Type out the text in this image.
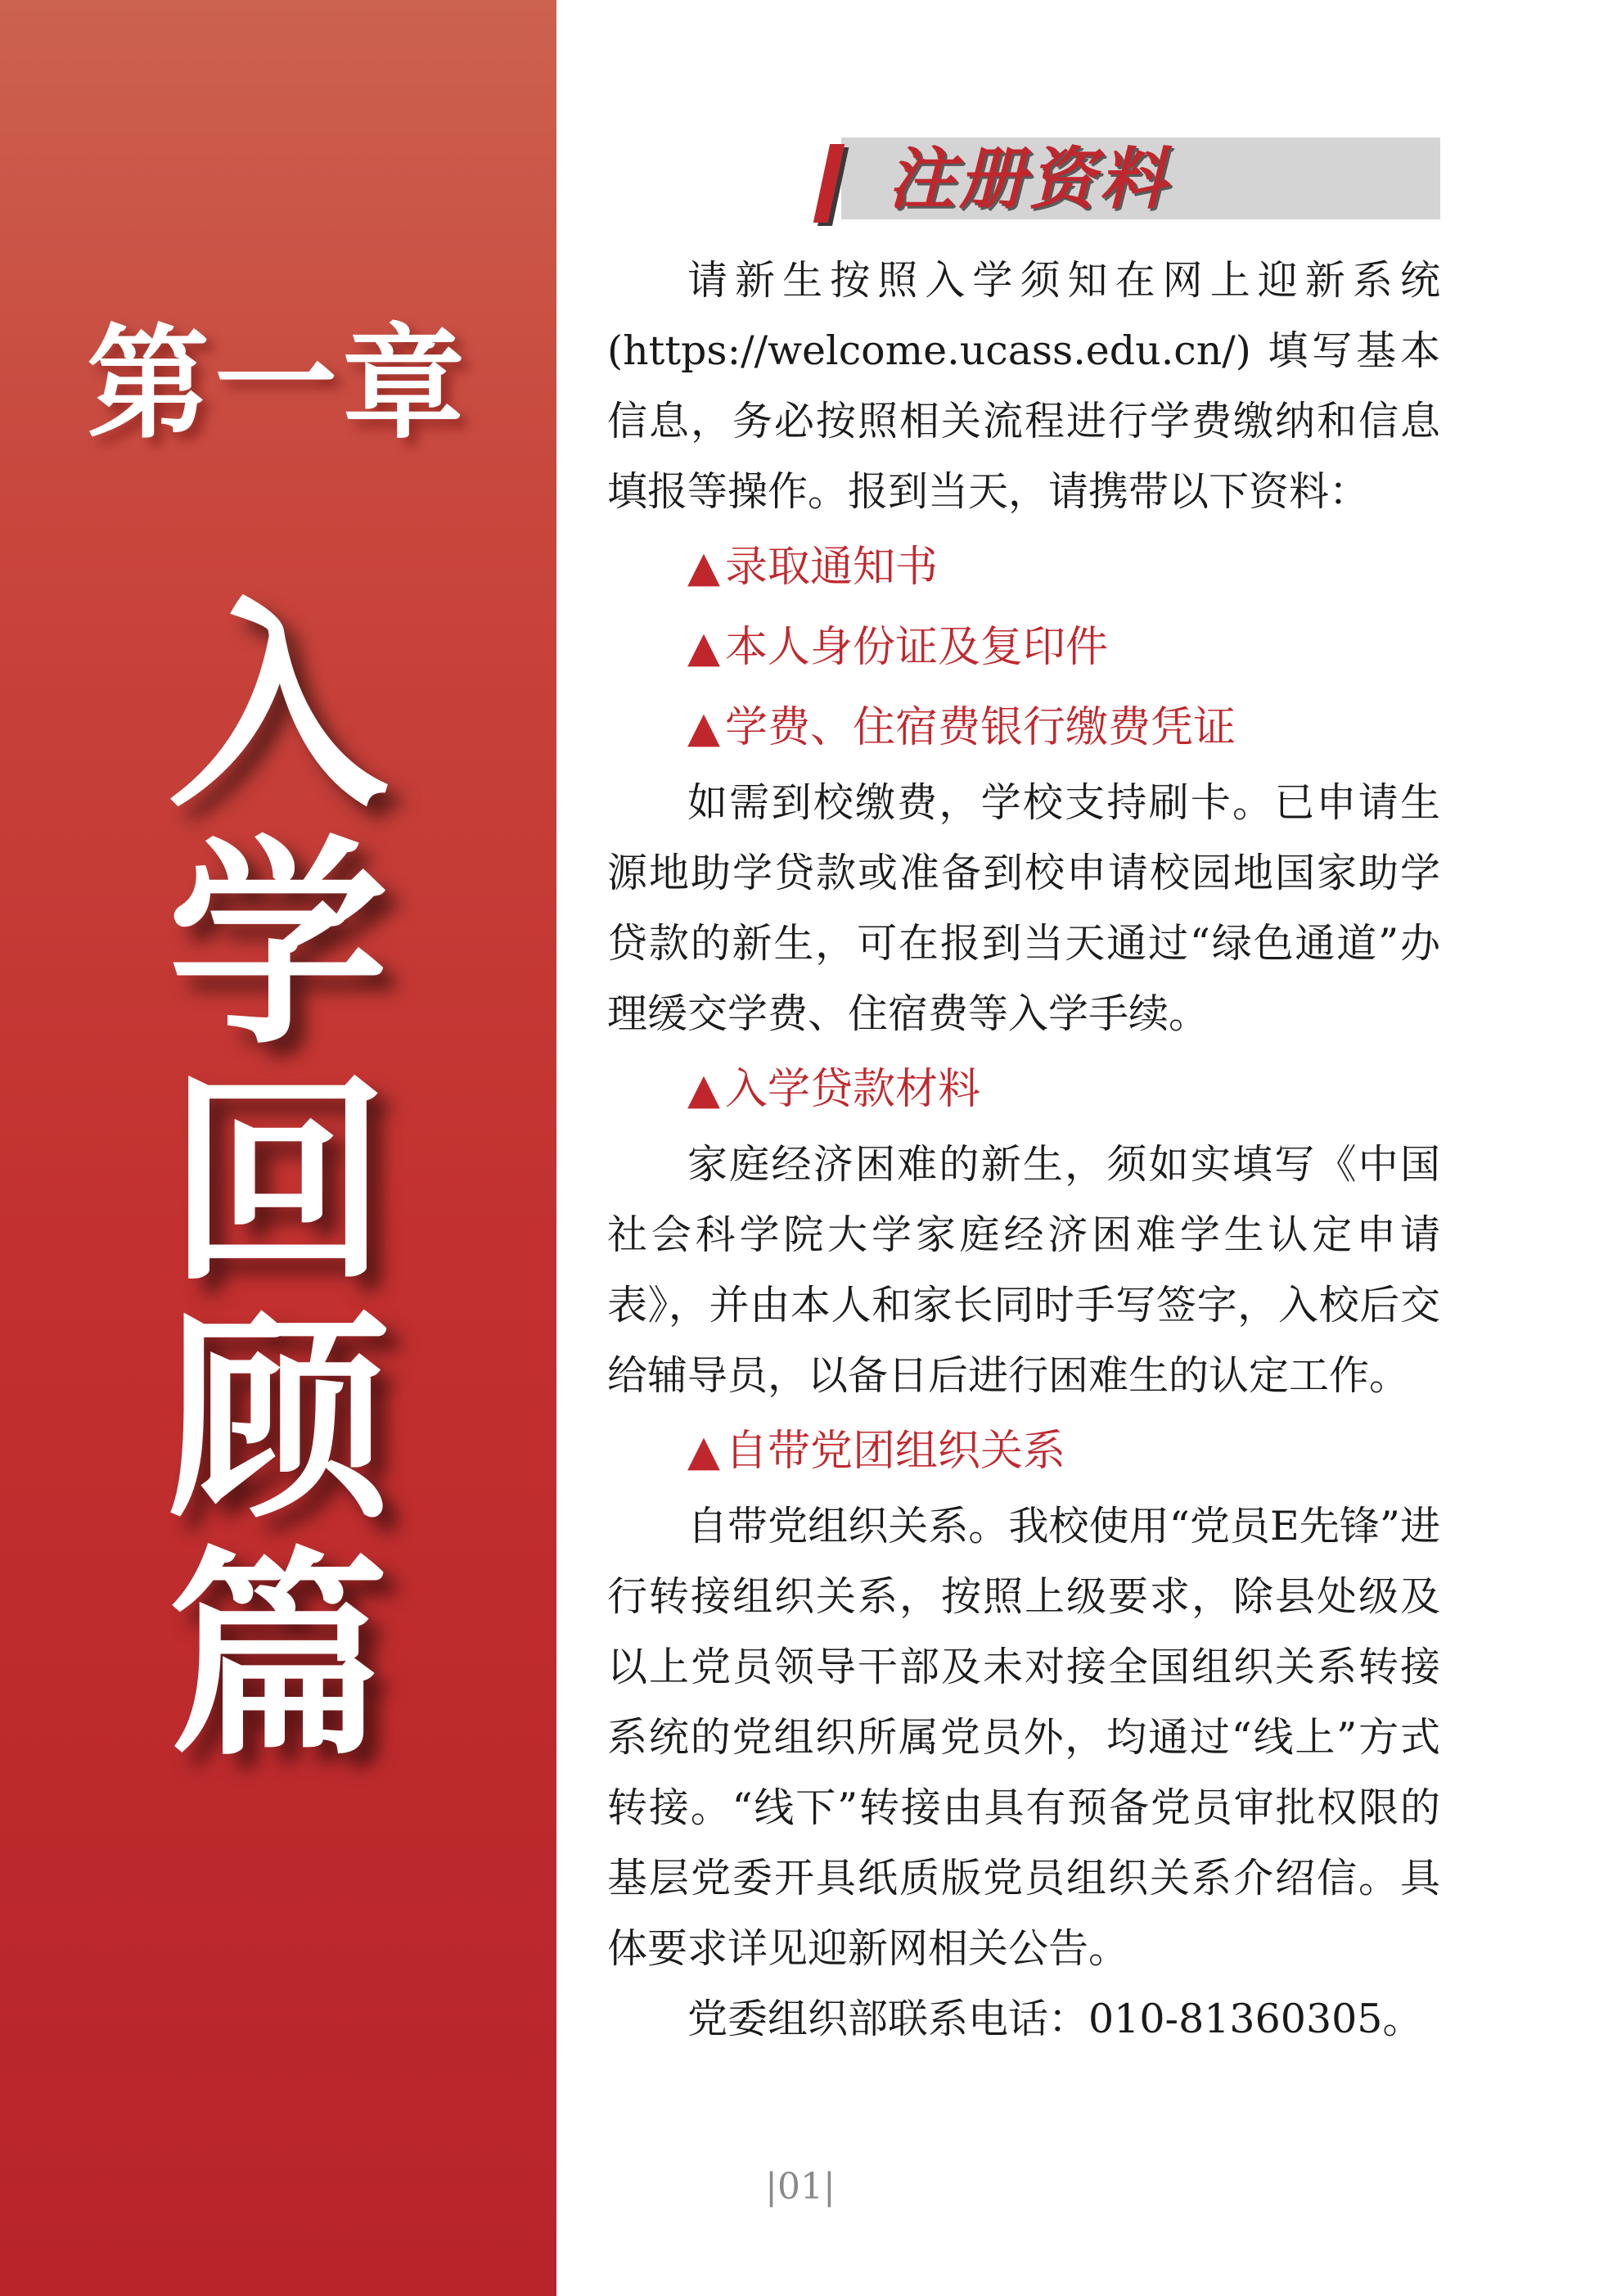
第一章
入
学
回
顾
篇
注册资料

请新生按照入学须知在网上迎新系统(https://welcome.ucass.edu.cn/) 填写基本信息，务必按照相关流程进行学费缴纳和信息填报等操作。报到当天，请携带以下资料：

▲ 录取通知书
▲ 本人身份证及复印件
▲ 学费、住宿费银行缴费凭证

如需到校缴费，学校支持刷卡。已申请生源地助学贷款或准备到校申请校园地国家助学贷款的新生，可在报到当天通过“绿色通道”办理缓交学费、住宿费等入学手续。

▲ 入学贷款材料

家庭经济困难的新生，须如实填写《中国社会科学院大学家庭经济困难学生认定申请表》，并由本人和家长同时手写签字，入校后交给辅导员，以备日后进行困难生的认定工作。

▲ 自带党团组织关系

自带党组织关系。我校使用“党员E先锋”进行转接组织关系，按照上级要求，除县处级及以上党员领导干部及未对接全国组织关系转接系统的党组织所属党员外，均通过“线上”方式转接。“线下”转接由具有预备党员审批权限的基层党委开具纸质版党员组织关系介绍信。具体要求详见迎新网相关公告。

党委组织部联系电话：010-81360305。

|01|
